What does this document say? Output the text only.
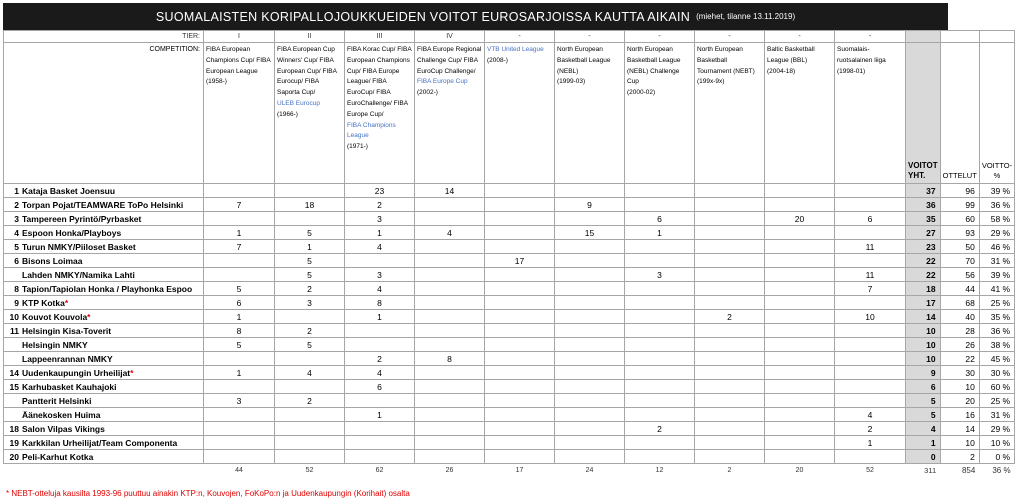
SUOMALAISTEN KORIPALLOJOUKKUEIDEN VOITOT EUROSARJOISSA KAUTTA AIKAIN (miehet, tilanne 13.11.2019)
TIER:	I	II	III	IV	-	-	-	-	-	-			
COMPETITION:	FIBA European Champions Cup/ FIBA European League
(1958-)	FIBA European Cup Winners' Cup/ FIBA European Cup/ FIBA Eurocup/ FIBA Saporta Cup/
ULEB Eurocup
(1966-)	FIBA Korac Cup/ FIBA European Champions Cup/ FIBA Europe League/ FIBA EuroCup/ FIBA EuroChallenge/ FIBA Europe Cup/
FIBA Champions League
(1971-)	FIBA Europe Regional Challenge Cup/ FIBA EuroCup Challenge/
FIBA Europe Cup
(2002-)	VTB United League
(2008-)	North European Basketball League (NEBL)
(1999-03)	North European Basketball League (NEBL) Challenge Cup
(2000-02)	North European Basketball Tournament (NEBT)
(199x-9x)	Baltic Basketball League (BBL)
(2004-18)	Suomalais-ruotsalainen liiga
(1998-01)	VOITOT YHT.	OTTELUT	VOITTO-%
1 Kataja Basket Joensuu			23	14							37	96	39 %
2 Torpan Pojat/TEAMWARE ToPo Helsinki	7	18	2			9					36	99	36 %
3 Tampereen Pyrintö/Pyrbasket			3				6		20	6	35	60	58 %
4 Espoon Honka/Playboys	1	5	1	4		15	1				27	93	29 %
5 Turun NMKY/Piiloset Basket	7	1	4							11	23	50	46 %
6 Bisons Loimaa		5			17						22	70	31 %
Lahden NMKY/Namika Lahti		5	3				3			11	22	56	39 %
8 Tapion/Tapiolan Honka / Playhonka Espoo	5	2	4							7	18	44	41 %
9 KTP Kotka*	6	3	8								17	68	25 %
10 Kouvot Kouvola*	1		1					2		10	14	40	35 %
11 Helsingin Kisa-Toverit	8	2									10	28	36 %
Helsingin NMKY	5	5									10	26	38 %
Lappeenrannan NMKY			2	8							10	22	45 %
14 Uudenkaupungin Urheilijat*	1	4	4								9	30	30 %
15 Karhubasket Kauhajoki			6								6	10	60 %
Pantterit Helsinki	3	2									5	20	25 %
Äänekosken Huima			1							4	5	16	31 %
18 Salon Vilpas Vikings							2			2	4	14	29 %
19 Karkkilan Urheilijat/Team Componenta										1	1	10	10 %
20 Peli-Karhut Kotka											0	2	0 %
	44	52	62	26	17	24	12	2	20	52	311	854	36 %
* NEBT-otteluja kausilta 1993-96 puuttuu ainakin KTP:n, Kouvojen, FoKoPo:n ja Uudenkaupungin (Korihait) osalta
